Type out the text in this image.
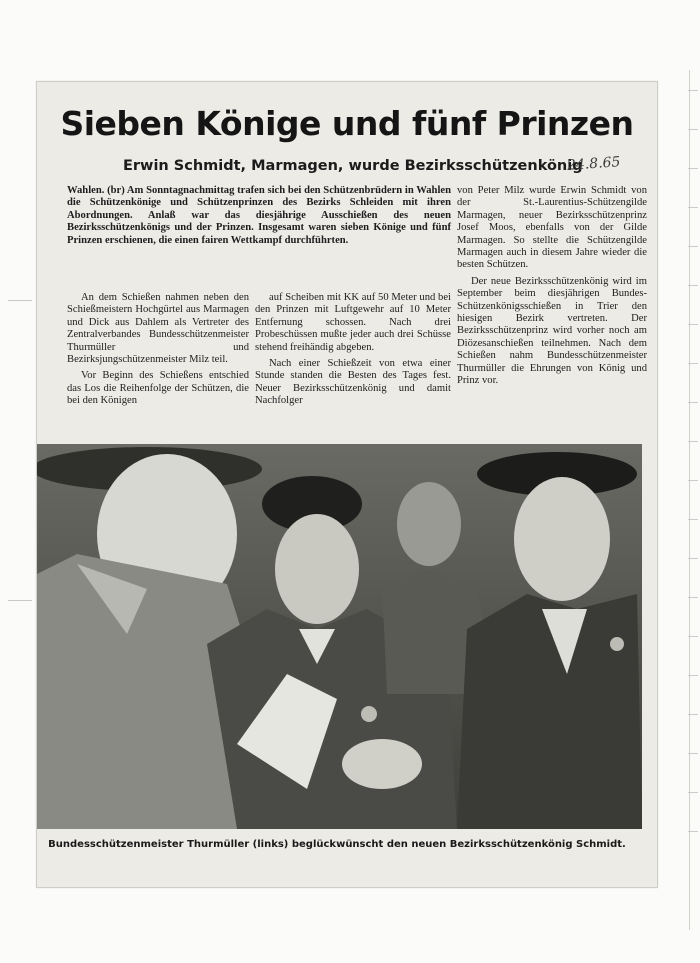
Sieben Könige und fünf Prinzen
Erwin Schmidt, Marmagen, wurde Bezirksschützenkönig
24.8.65

Wahlen. (br) Am Sonntagnachmittag trafen sich bei den Schützenbrüdern in Wahlen die Schützenkönige und Schützenprinzen des Bezirks Schleiden mit ihren Abordnungen. Anlaß war das diesjährige Ausschießen des neuen Bezirksschützenkönigs und der Prinzen. Insgesamt waren sieben Könige und fünf Prinzen erschienen, die einen fairen Wettkampf durchführten.

An dem Schießen nahmen neben den Schießmeistern Hochgürtel aus Marmagen und Dick aus Dahlem als Vertreter des Zentralverbandes Bundesschützenmeister Thurmüller und Bezirksjungschützenmeister Milz teil.

Vor Beginn des Schießens entschied das Los die Reihenfolge der Schützen, die bei den Königen

auf Scheiben mit KK auf 50 Meter und bei den Prinzen mit Luftgewehr auf 10 Meter Entfernung schossen. Nach drei Probeschüssen mußte jeder auch drei Schüsse stehend freihändig abgeben.

Nach einer Schießzeit von etwa einer Stunde standen die Besten des Tages fest. Neuer Bezirksschützenkönig und damit Nachfolger

von Peter Milz wurde Erwin Schmidt von der St.-Laurentius-Schützengilde Marmagen, neuer Bezirksschützenprinz Josef Moos, ebenfalls von der Gilde Marmagen. So stellte die Schützengilde Marmagen auch in diesem Jahre wieder die besten Schützen.

Der neue Bezirksschützenkönig wird im September beim diesjährigen Bundes-Schützenkönigsschießen in Trier den hiesigen Bezirk vertreten. Der Bezirksschützenprinz wird vorher noch am Diözesanschießen teilnehmen. Nach dem Schießen nahm Bundesschützenmeister Thurmüller die Ehrungen von König und Prinz vor.

Bundesschützenmeister Thurmüller (links) beglückwünscht den neuen Bezirksschützenkönig Schmidt.
